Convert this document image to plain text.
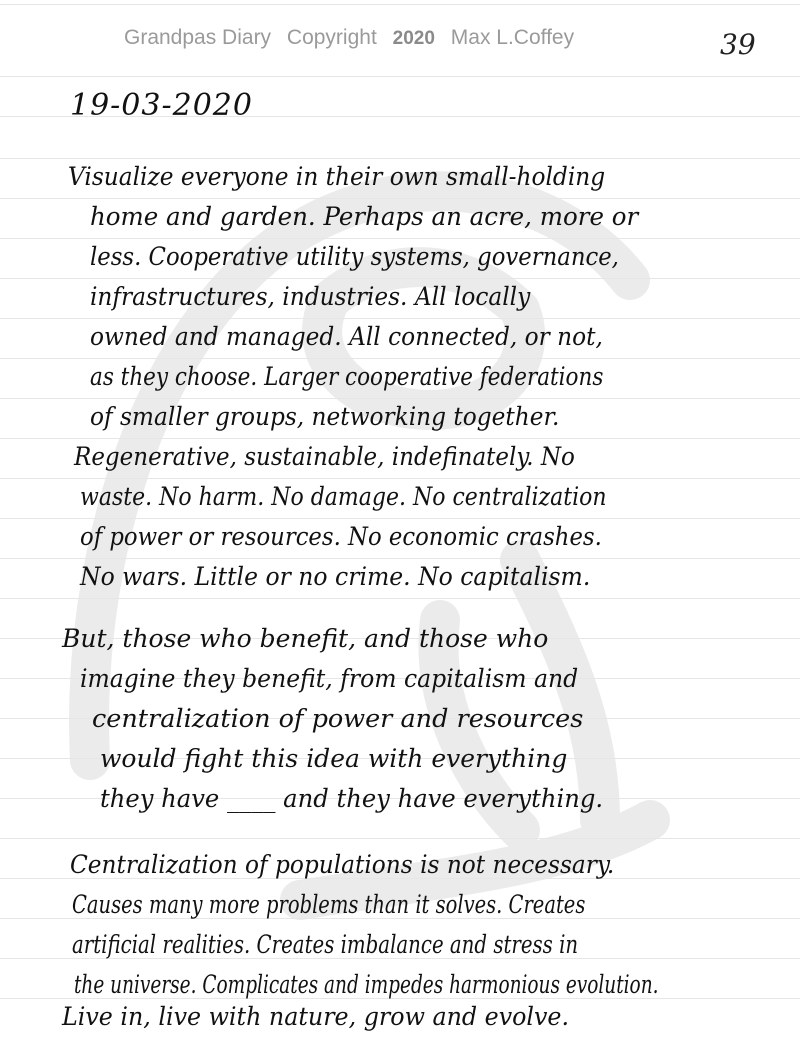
Grandpas Diary Copyright 2020 Max L.Coffey	39
19-03-2020
Visualize everyone in their own small-holding
home and garden. Perhaps an acre, more or
less. Cooperative utility systems, governance,
infrastructures, industries. All locally
owned and managed. All connected, or not,
as they choose. Larger cooperative federations
of smaller groups, networking together.
Regenerative, sustainable, indefinately. No
waste. No harm. No damage. No centralization
of power or resources. No economic crashes.
No wars. Little or no crime. No capitalism.
But, those who benefit, and those who
imagine they benefit, from capitalism and
centralization of power and resources
would fight this idea with everything
they have ____ and they have everything.
Centralization of populations is not necessary.
Causes many more problems than it solves. Creates
artificial realities. Creates imbalance and stress in
the universe. Complicates and impedes harmonious evolution.
Live in, live with nature, grow and evolve.
